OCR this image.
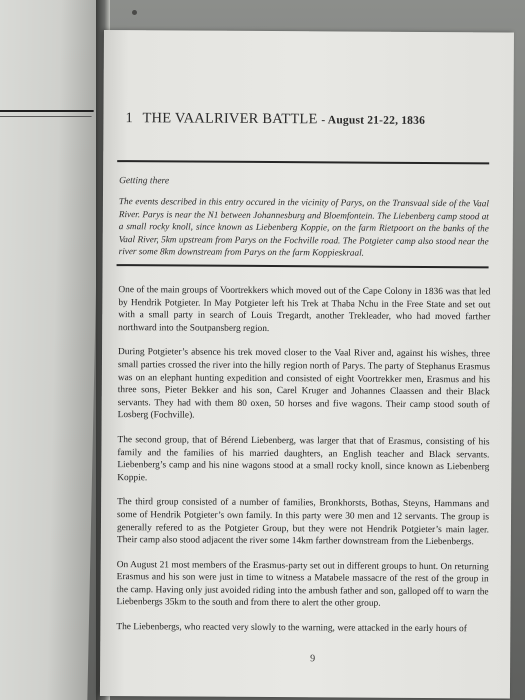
1 THE VAALRIVER BATTLE - August 21-22, 1836
Getting there
The events described in this entry occured in the vicinity of Parys, on the Transvaal side of the Vaal River. Parys is near the N1 between Johannesburg and Bloemfontein. The Liebenberg camp stood at a small rocky knoll, since known as Liebenberg Koppie, on the farm Rietpoort on the banks of the Vaal River, 5km upstream from Parys on the Fochville road. The Potgieter camp also stood near the river some 8km downstream from Parys on the farm Koppieskraal.

One of the main groups of Voortrekkers which moved out of the Cape Colony in 1836 was that led by Hendrik Potgieter. In May Potgieter left his Trek at Thaba Nchu in the Free State and set out with a small party in search of Louis Tregardt, another Trekleader, who had moved farther northward into the Soutpansberg region.

During Potgieter’s absence his trek moved closer to the Vaal River and, against his wishes, three small parties crossed the river into the hilly region north of Parys. The party of Stephanus Erasmus was on an elephant hunting expedition and consisted of eight Voortrekker men, Erasmus and his three sons, Pieter Bekker and his son, Carel Kruger and Johannes Claassen and their Black servants. They had with them 80 oxen, 50 horses and five wagons. Their camp stood south of Losberg (Fochville).

The second group, that of Bérend Liebenberg, was larger that that of Erasmus, consisting of his family and the families of his married daughters, an English teacher and Black servants. Liebenberg’s camp and his nine wagons stood at a small rocky knoll, since known as Liebenberg Koppie.

The third group consisted of a number of families, Bronkhorsts, Bothas, Steyns, Hammans and some of Hendrik Potgieter’s own family. In this party were 30 men and 12 servants. The group is generally refered to as the Potgieter Group, but they were not Hendrik Potgieter’s main lager. Their camp also stood adjacent the river some 14km farther downstream from the Liebenbergs.

On August 21 most members of the Erasmus-party set out in different groups to hunt. On returning Erasmus and his son were just in time to witness a Matabele massacre of the rest of the group in the camp. Having only just avoided riding into the ambush father and son, galloped off to warn the Liebenbergs 35km to the south and from there to alert the other group.

The Liebenbergs, who reacted very slowly to the warning, were attacked in the early hours of

9
